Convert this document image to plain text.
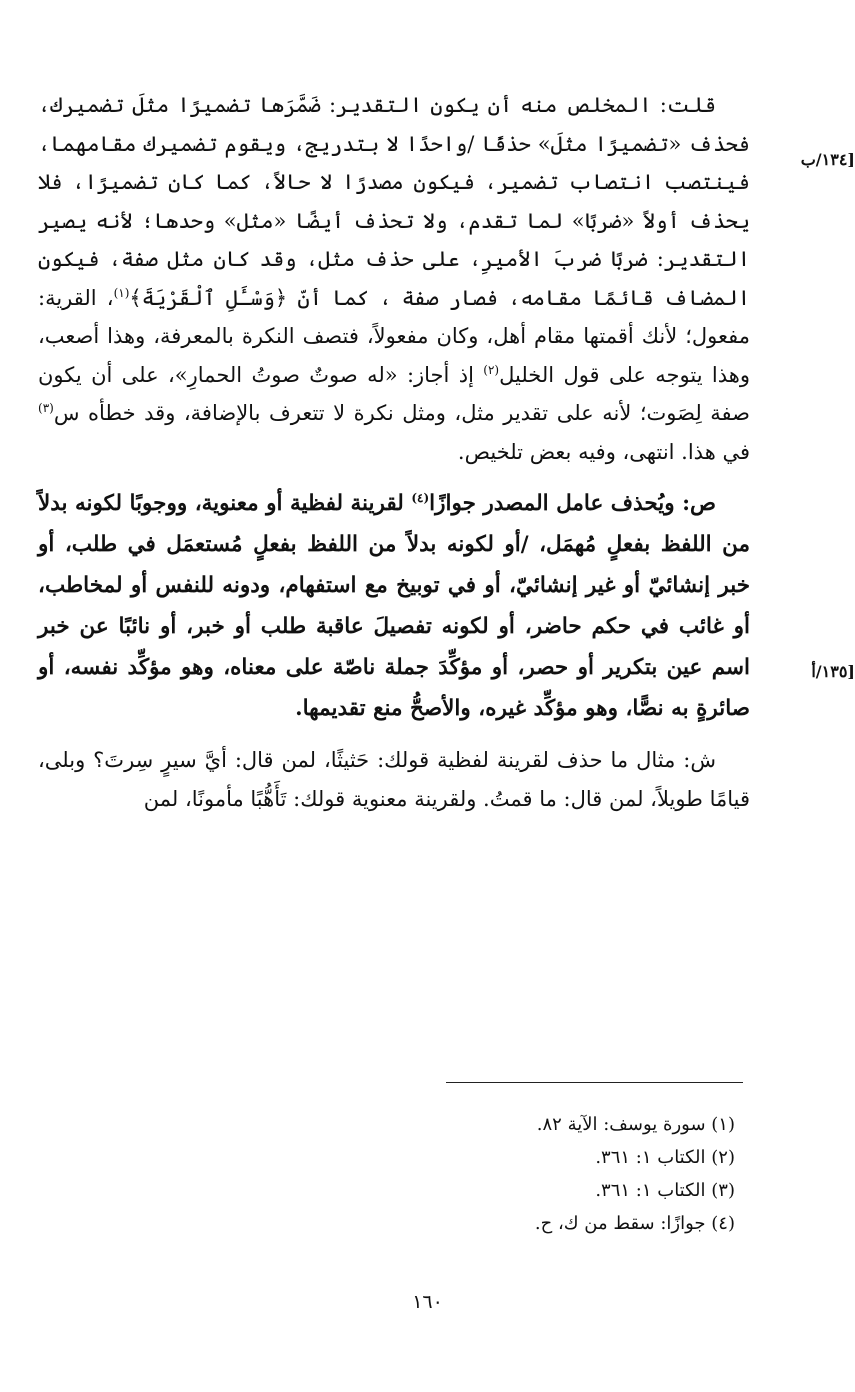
[١٣٤/ب
[١٣٥/أ

قلت: المخلص منه أن يكون التقدير: ضَمَّرَها تضميرًا مثلَ تضميرك، فحذف «تضميرًا مثلَ» حذفًا /واحدًا لا بتدريج، ويقوم تضميرك مقامهما، فينتصب انتصاب تضمير، فيكون مصدرًا لا حالاً، كما كان تضميرًا، فلا يحذف أولاً «ضربًا» لما تقدم، ولا تحذف أيضًا «مثل» وحدها؛ لأنه يصير التقدير: ضربًا ضربَ الأميرِ، على حذف مثل، وقد كان مثل صفة، فيكون المضاف قائمًا مقامه، فصار صفة ، كما أنّ ﴿وَسْـَٔلِ ٱلْقَرْيَةَ﴾$^{(١)}$، القرية: مفعول؛ لأنك أقمتها مقام أهل، وكان مفعولاً، فتصف النكرة بالمعرفة، وهذا أصعب، وهذا يتوجه على قول الخليل$^{(٢)}$ إذ أجاز: «له صوتٌ صوتُ الحمارِ»، على أن يكون صفة لِصَوت؛ لأنه على تقدير مثل، ومثل نكرة لا تتعرف بالإضافة، وقد خطأه س$^{(٣)}$ في هذا. انتهى، وفيه بعض تلخيص.

ص: ويُحذف عامل المصدر جوازًا$^{(٤)}$ لقرينة لفظية أو معنوية، ووجوبًا لكونه بدلاً من اللفظ بفعلٍ مُهمَل، /أو لكونه بدلاً من اللفظ بفعلٍ مُستعمَل في طلب، أو خبر إنشائيّ أو غير إنشائيّ، أو في توبيخ مع استفهام، ودونه للنفس أو لمخاطب، أو غائب في حكم حاضر، أو لكونه تفصيلَ عاقبة طلب أو خبر، أو نائبًا عن خبر اسم عين بتكرير أو حصر، أو مؤكِّدَ جملة ناصّة على معناه، وهو مؤكِّد نفسه، أو صائرةٍ به نصًّا، وهو مؤكِّد غيره، والأصحُّ منع تقديمها.

ش: مثال ما حذف لقرينة لفظية قولك: حَثيثًا، لمن قال: أيَّ سيرٍ سِرتَ؟ وبلى، قيامًا طويلاً، لمن قال: ما قمتُ. ولقرينة معنوية قولك: تَأَهُّبًا مأمونًا، لمن

(١) سورة يوسف: الآية ٨٢.
(٢) الكتاب ١: ٣٦١.
(٣) الكتاب ١: ٣٦١.
(٤) جوازًا: سقط من ك، ح.
١٦٠
